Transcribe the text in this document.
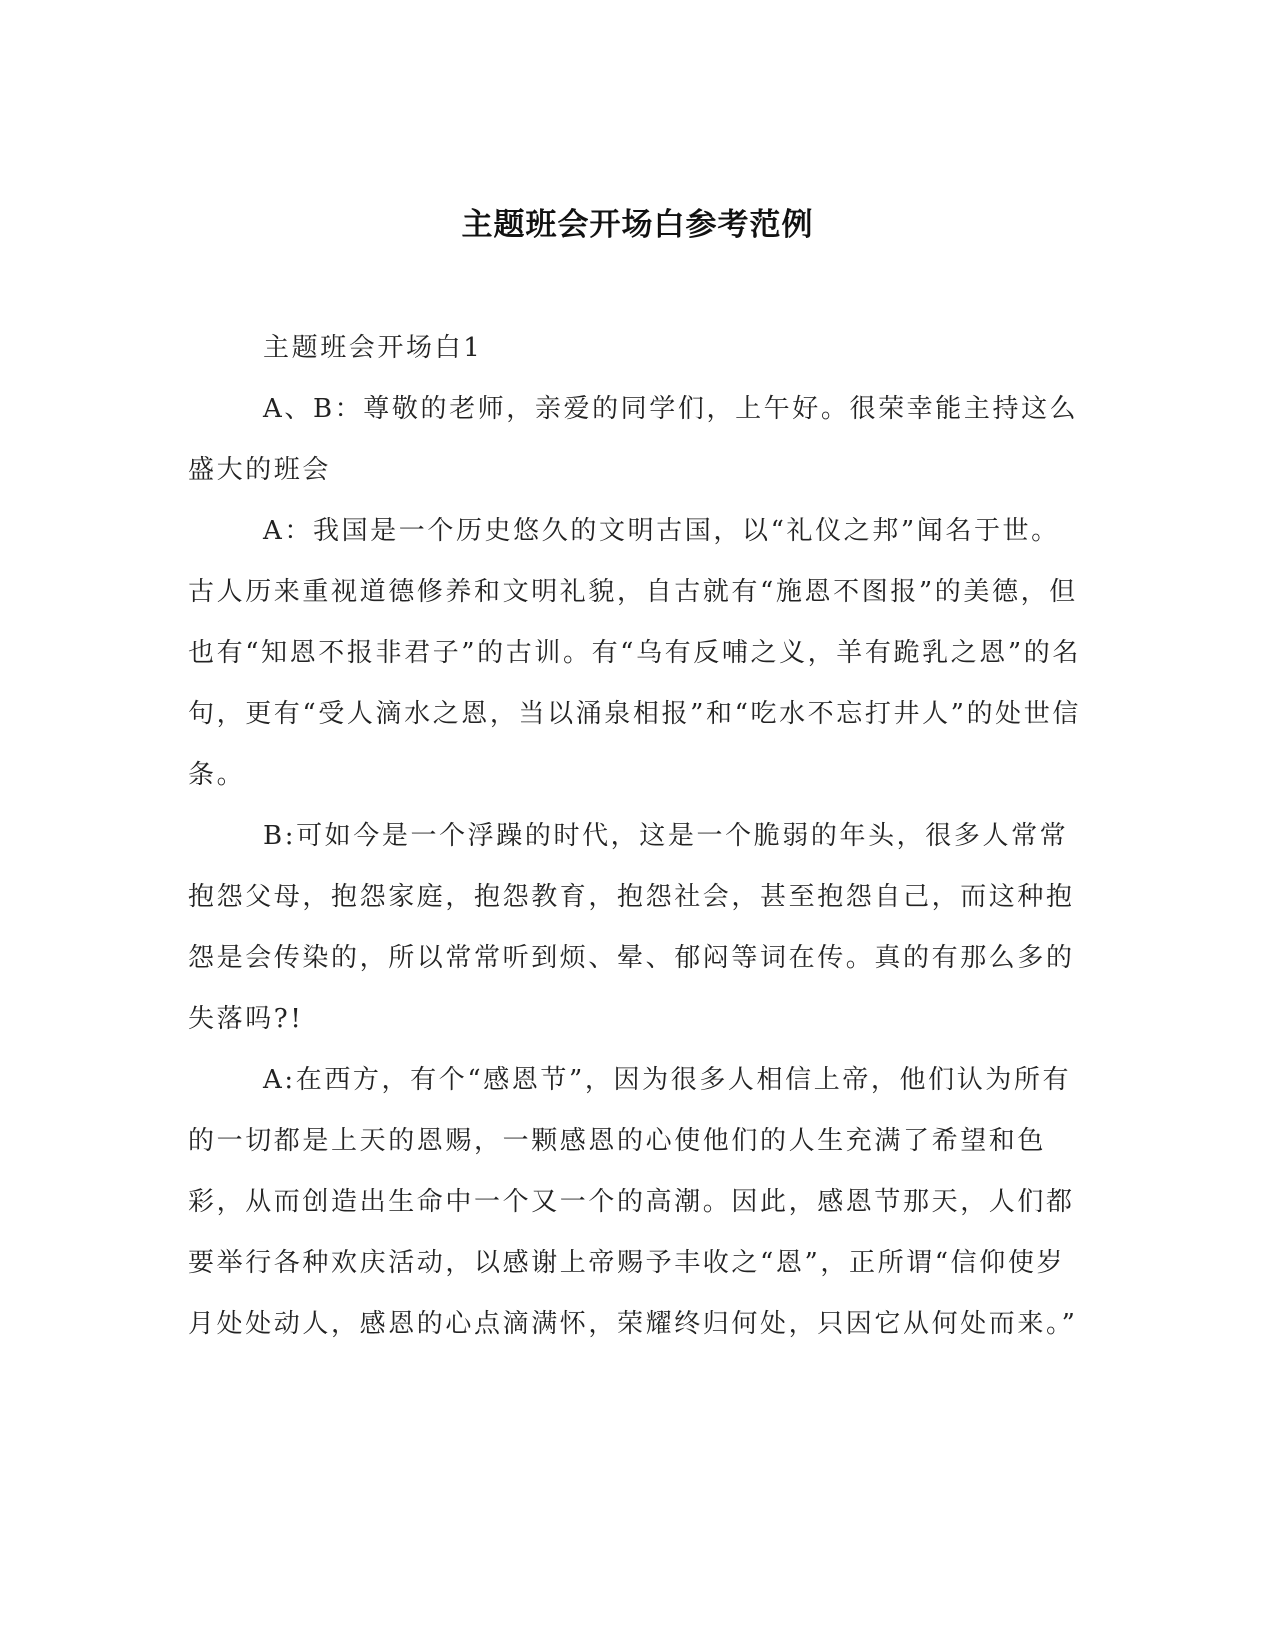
主题班会开场白参考范例

主题班会开场白1

A、B：尊敬的老师，亲爱的同学们，上午好。很荣幸能主持这么盛大的班会

A：我国是一个历史悠久的文明古国，以“礼仪之邦”闻名于世。古人历来重视道德修养和文明礼貌，自古就有“施恩不图报”的美德，但也有“知恩不报非君子”的古训。有“乌有反哺之义，羊有跪乳之恩”的名句，更有“受人滴水之恩，当以涌泉相报”和“吃水不忘打井人”的处世信条。

B:可如今是一个浮躁的时代，这是一个脆弱的年头，很多人常常抱怨父母，抱怨家庭，抱怨教育，抱怨社会，甚至抱怨自己，而这种抱怨是会传染的，所以常常听到烦、晕、郁闷等词在传。真的有那么多的失落吗?!

A:在西方，有个“感恩节”，因为很多人相信上帝，他们认为所有的一切都是上天的恩赐，一颗感恩的心使他们的人生充满了希望和色彩，从而创造出生命中一个又一个的高潮。因此，感恩节那天，人们都要举行各种欢庆活动，以感谢上帝赐予丰收之“恩”，正所谓“信仰使岁月处处动人，感恩的心点滴满怀，荣耀终归何处，只因它从何处而来。”
